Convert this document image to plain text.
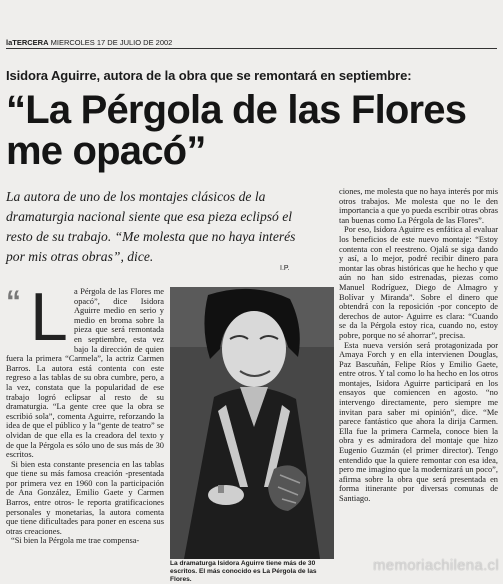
laTERCERA MIERCOLES 17 DE JULIO DE 2002
Isidora Aguirre, autora de la obra que se remontará en septiembre:
“La Pérgola de las Flores me opacó”
La autora de uno de los montajes clásicos de la dramaturgia nacional siente que esa pieza eclipsó el resto de su trabajo. “Me molesta que no haya interés por mis otras obras”, dice.
I.P.
“ L a Pérgola de las Flores me opacó”, dice Isidora Aguirre medio en serio y medio en broma sobre la pieza que será remontada en septiembre, esta vez bajo la dirección de quien fuera la primera “Carmela”, la actriz Carmen Barros. La autora está contenta con este regreso a las tablas de su obra cumbre, pero, a la vez, constata que la popularidad de ese trabajo logró eclipsar al resto de su dramaturgia. “La gente cree que la obra se escribió sola”, comenta Aguirre, reforzando la idea de que el público y la “gente de teatro” se olvidan de que ella es la creadora del texto y de que la Pérgola es sólo uno de sus más de 30 escritos.

Si bien esta constante presencia en las tablas que tiene su más famosa creación -presentada por primera vez en 1960 con la participación de Ana González, Emilio Gaete y Carmen Barros, entre otros- le reporta gratificaciones personales y monetarias, la autora comenta que tiene dificultades para poner en escena sus otras creaciones.

“Si bien la Pérgola me trae compensa-

La dramaturga Isidora Aguirre tiene más de 30 escritos. El más conocido es La Pérgola de las Flores.

ciones, me molesta que no haya interés por mis otros trabajos. Me molesta que no le den importancia a que yo pueda escribir otras obras tan buenas como La Pérgola de las Flores”.

Por eso, Isidora Aguirre es enfática al evaluar los beneficios de este nuevo montaje: “Estoy contenta con el reestreno. Ojalá se siga dando y así, a lo mejor, podré recibir dinero para montar las obras históricas que he hecho y que aún no han sido estrenadas, piezas como Manuel Rodríguez, Diego de Almagro y Bolívar y Miranda”. Sobre el dinero que obtendrá con la reposición -por concepto de derechos de autor- Aguirre es clara: “Cuando se da la Pérgola estoy rica, cuando no, estoy pobre, porque no sé ahorrar”, precisa.

Esta nueva versión será protagonizada por Amaya Forch y en ella intervienen Douglas, Paz Bascuñán, Felipe Ríos y Emilio Gaete, entre otros. Y tal como lo ha hecho en los otros montajes, Isidora Aguirre participará en los ensayos que comiencen en agosto. “no intervengo directamente, pero siempre me invitan para saber mi opinión”, dice. “Me parece fantástico que ahora la dirija Carmen. Ella fue la primera Carmela, conoce bien la obra y es admiradora del montaje que hizo Eugenio Guzmán (el primer director). Tengo entendido que la quiere remontar con esa idea, pero me imagino que la modernizará un poco”, afirma sobre la obra que será presentada en forma itinerante por diversas comunas de Santiago.

memoriachilena.cl
